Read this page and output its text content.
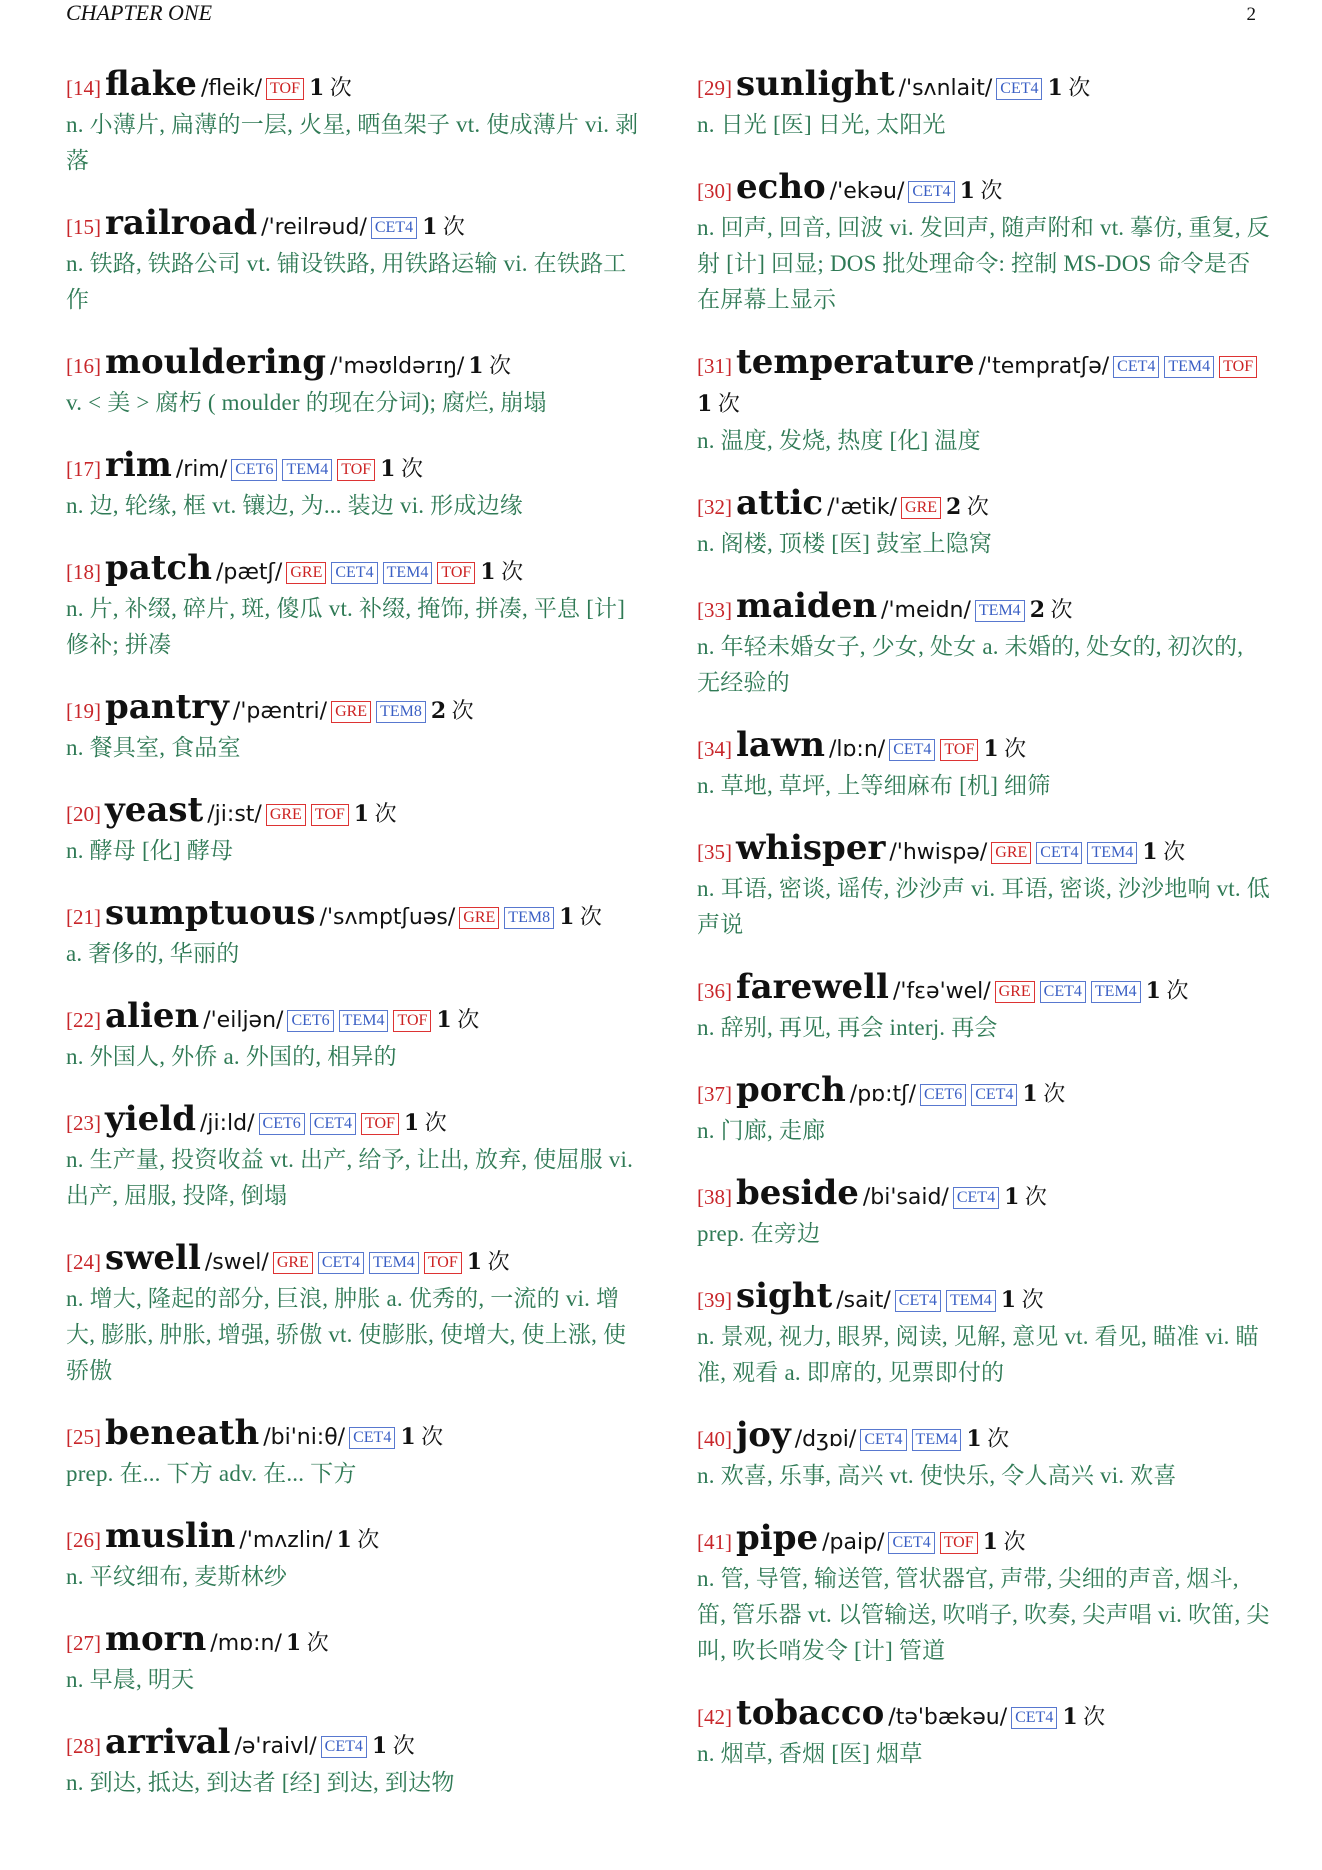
CHAPTER ONE	2
[14] flake /fleik/ TOF 1 次
n. 小薄片, 扁薄的一层, 火星, 晒鱼架子 vt. 使成薄片 vi. 剥落
[15] railroad /'reilrəud/ CET4 1 次
n. 铁路, 铁路公司 vt. 铺设铁路, 用铁路运输 vi. 在铁路工作
[16] mouldering /'məʊldərɪŋ/ 1 次
v. < 美 > 腐朽 ( moulder 的现在分词); 腐烂, 崩塌
[17] rim /rim/ CET6 TEM4 TOF 1 次
n. 边, 轮缘, 框 vt. 镶边, 为... 装边 vi. 形成边缘
[18] patch /pætʃ/ GRE CET4 TEM4 TOF 1 次
n. 片, 补缀, 碎片, 斑, 傻瓜 vt. 补缀, 掩饰, 拼凑, 平息 [计] 修补; 拼凑
[19] pantry /'pæntri/ GRE TEM8 2 次
n. 餐具室, 食品室
[20] yeast /ji:st/ GRE TOF 1 次
n. 酵母 [化] 酵母
[21] sumptuous /'sʌmptʃuəs/ GRE TEM8 1 次
a. 奢侈的, 华丽的
[22] alien /'eiljən/ CET6 TEM4 TOF 1 次
n. 外国人, 外侨 a. 外国的, 相异的
[23] yield /ji:ld/ CET6 CET4 TOF 1 次
n. 生产量, 投资收益 vt. 出产, 给予, 让出, 放弃, 使屈服 vi. 出产, 屈服, 投降, 倒塌
[24] swell /swel/ GRE CET4 TEM4 TOF 1 次
n. 增大, 隆起的部分, 巨浪, 肿胀 a. 优秀的, 一流的 vi. 增大, 膨胀, 肿胀, 增强, 骄傲 vt. 使膨胀, 使增大, 使上涨, 使骄傲
[25] beneath /bi'ni:θ/ CET4 1 次
prep. 在... 下方 adv. 在... 下方
[26] muslin /'mʌzlin/ 1 次
n. 平纹细布, 麦斯林纱
[27] morn /mɒ:n/ 1 次
n. 早晨, 明天
[28] arrival /ə'raivl/ CET4 1 次
n. 到达, 抵达, 到达者 [经] 到达, 到达物
[29] sunlight /'sʌnlait/ CET4 1 次
n. 日光 [医] 日光, 太阳光
[30] echo /'ekəu/ CET4 1 次
n. 回声, 回音, 回波 vi. 发回声, 随声附和 vt. 摹仿, 重复, 反射 [计] 回显; DOS 批处理命令: 控制 MS-DOS 命令是否在屏幕上显示
[31] temperature /'tempratʃə/ CET4 TEM4 TOF1 次
n. 温度, 发烧, 热度 [化] 温度
[32] attic /'ætik/ GRE 2 次
n. 阁楼, 顶楼 [医] 鼓室上隐窝
[33] maiden /'meidn/ TEM4 2 次
n. 年轻未婚女子, 少女, 处女 a. 未婚的, 处女的, 初次的, 无经验的
[34] lawn /lɒ:n/ CET4 TOF 1 次
n. 草地, 草坪, 上等细麻布 [机] 细筛
[35] whisper /'hwispə/ GRE CET4 TEM4 1 次
n. 耳语, 密谈, 谣传, 沙沙声 vi. 耳语, 密谈, 沙沙地响 vt. 低声说
[36] farewell /'fεə'wel/ GRE CET4 TEM4 1 次
n. 辞别, 再见, 再会 interj. 再会
[37] porch /pɒ:tʃ/ CET6 CET4 1 次
n. 门廊, 走廊
[38] beside /bi'said/ CET4 1 次
prep. 在旁边
[39] sight /sait/ CET4 TEM4 1 次
n. 景观, 视力, 眼界, 阅读, 见解, 意见 vt. 看见, 瞄准 vi. 瞄准, 观看 a. 即席的, 见票即付的
[40] joy /dʒɒi/ CET4 TEM4 1 次
n. 欢喜, 乐事, 高兴 vt. 使快乐, 令人高兴 vi. 欢喜
[41] pipe /paip/ CET4 TOF 1 次
n. 管, 导管, 输送管, 管状器官, 声带, 尖细的声音, 烟斗, 笛, 管乐器 vt. 以管输送, 吹哨子, 吹奏, 尖声唱 vi. 吹笛, 尖叫, 吹长哨发令 [计] 管道
[42] tobacco /tə'bækəu/ CET4 1 次
n. 烟草, 香烟 [医] 烟草
